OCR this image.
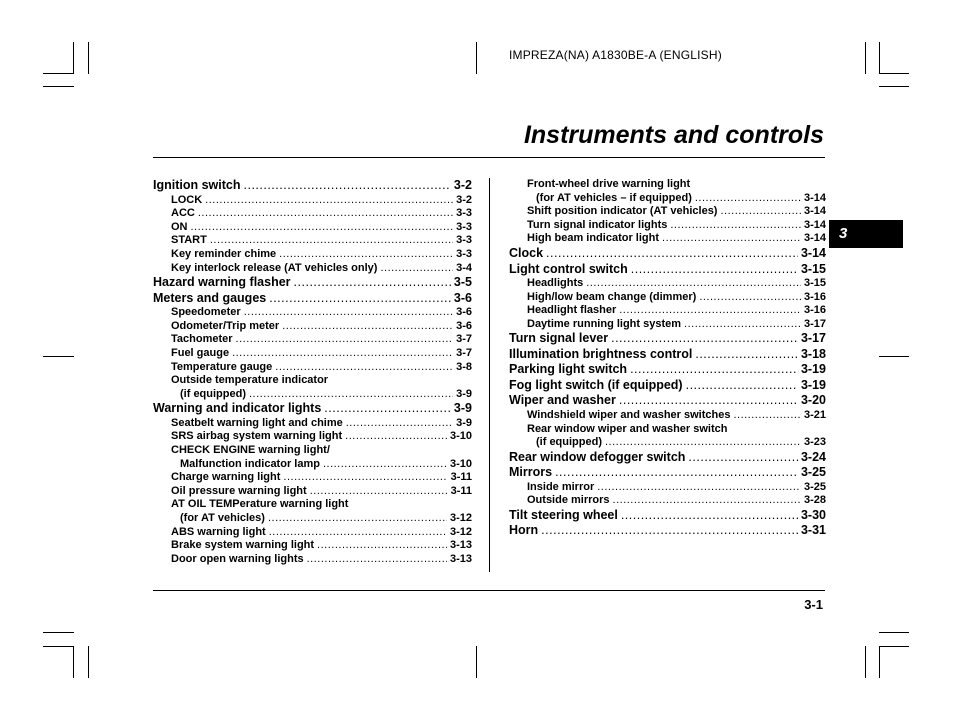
IMPREZA(NA) A1830BE-A (ENGLISH)
Instruments and controls
3
Ignition switch .....	3-2
LOCK .....	3-2
ACC .....	3-3
ON .....	3-3
START .....	3-3
Key reminder chime .....	3-3
Key interlock release (AT vehicles only) .....	3-4
Hazard warning flasher .....	3-5
Meters and gauges .....	3-6
Speedometer .....	3-6
Odometer/Trip meter .....	3-6
Tachometer .....	3-7
Fuel gauge .....	3-7
Temperature gauge .....	3-8
Outside temperature indicator
(if equipped) .....	3-9
Warning and indicator lights .....	3-9
Seatbelt warning light and chime .....	3-9
SRS airbag system warning light .....	3-10
CHECK ENGINE warning light/
Malfunction indicator lamp .....	3-10
Charge warning light .....	3-11
Oil pressure warning light .....	3-11
AT OIL TEMPerature warning light
(for AT vehicles) .....	3-12
ABS warning light .....	3-12
Brake system warning light .....	3-13
Door open warning lights .....	3-13
Front-wheel drive warning light
(for AT vehicles – if equipped) .....	3-14
Shift position indicator (AT vehicles) .....	3-14
Turn signal indicator lights .....	3-14
High beam indicator light .....	3-14
Clock .....	3-14
Light control switch .....	3-15
Headlights .....	3-15
High/low beam change (dimmer) .....	3-16
Headlight flasher .....	3-16
Daytime running light system .....	3-17
Turn signal lever .....	3-17
Illumination brightness control .....	3-18
Parking light switch .....	3-19
Fog light switch (if equipped) .....	3-19
Wiper and washer .....	3-20
Windshield wiper and washer switches .....	3-21
Rear window wiper and washer switch
(if equipped) .....	3-23
Rear window defogger switch .....	3-24
Mirrors .....	3-25
Inside mirror .....	3-25
Outside mirrors .....	3-28
Tilt steering wheel .....	3-30
Horn .....	3-31
3-1
